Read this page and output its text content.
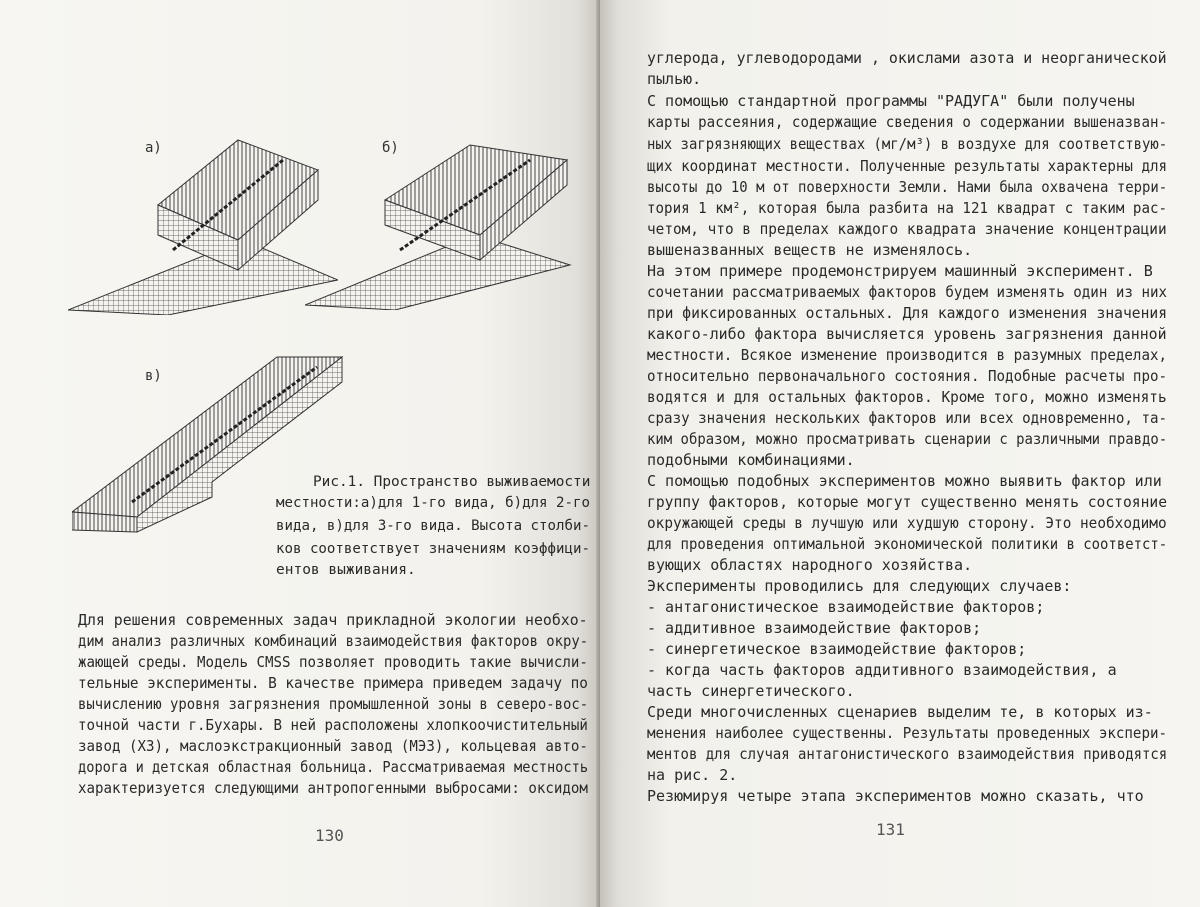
а)	б)
в)
Рис.1. Пространство выживаемости
местности:а)для 1-го вида, б)для 2-го
вида, в)для 3-го вида. Высота столби-
ков соответствует значениям коэффици-
ентов выживания.
Для решения современных задач прикладной экологии необхо-
дим анализ различных комбинаций взаимодействия факторов окру-
жающей среды. Модель СМSS позволяет проводить такие вычисли-
тельные эксперименты. В качестве примера приведем задачу по
вычислению уровня загрязнения промышленной зоны в северо-вос-
точной части г.Бухары. В ней расположены хлопкоочистительный
завод (ХЗ), маслоэкстракционный завод (МЭЗ), кольцевая авто-
дорога и детская областная больница. Рассматриваемая местность
характеризуется следующими антропогенными выбросами: оксидом
130
углерода, углеводородами , окислами азота и неорганической
пылью.
С помощью стандартной программы "РАДУГА" были получены
карты рассеяния, содержащие сведения о содержании вышеназван-
ных загрязняющих веществах (мг/м³) в воздухе для соответствую-
щих координат местности. Полученные результаты характерны для
высоты до 10 м от поверхности Земли. Нами была охвачена терри-
тория 1 км², которая была разбита на 121 квадрат с таким рас-
четом, что в пределах каждого квадрата значение концентрации
вышеназванных веществ не изменялось.
На этом примере продемонстрируем машинный эксперимент. В
сочетании рассматриваемых факторов будем изменять один из них
при фиксированных остальных. Для каждого изменения значения
какого-либо фактора вычисляется уровень загрязнения данной
местности. Всякое изменение производится в разумных пределах,
относительно первоначального состояния. Подобные расчеты про-
водятся и для остальных факторов. Кроме того, можно изменять
сразу значения нескольких факторов или всех одновременно, та-
ким образом, можно просматривать сценарии с различными правдо-
подобными комбинациями.
С помощью подобных экспериментов можно выявить фактор или
группу факторов, которые могут существенно менять состояние
окружающей среды в лучшую или худшую сторону. Это необходимо
для проведения оптимальной экономической политики в соответст-
вующих областях народного хозяйства.
Эксперименты проводились для следующих случаев:
- антагонистическое взаимодействие факторов;
- аддитивное взаимодействие факторов;
- синергетическое взаимодействие факторов;
- когда часть факторов аддитивного взаимодействия, а
часть синергетического.
Среди многочисленных сценариев выделим те, в которых из-
менения наиболее существенны. Результаты проведенных экспери-
ментов для случая антагонистического взаимодействия приводятся
на рис. 2.
Резюмируя четыре этапа экспериментов можно сказать, что
131
